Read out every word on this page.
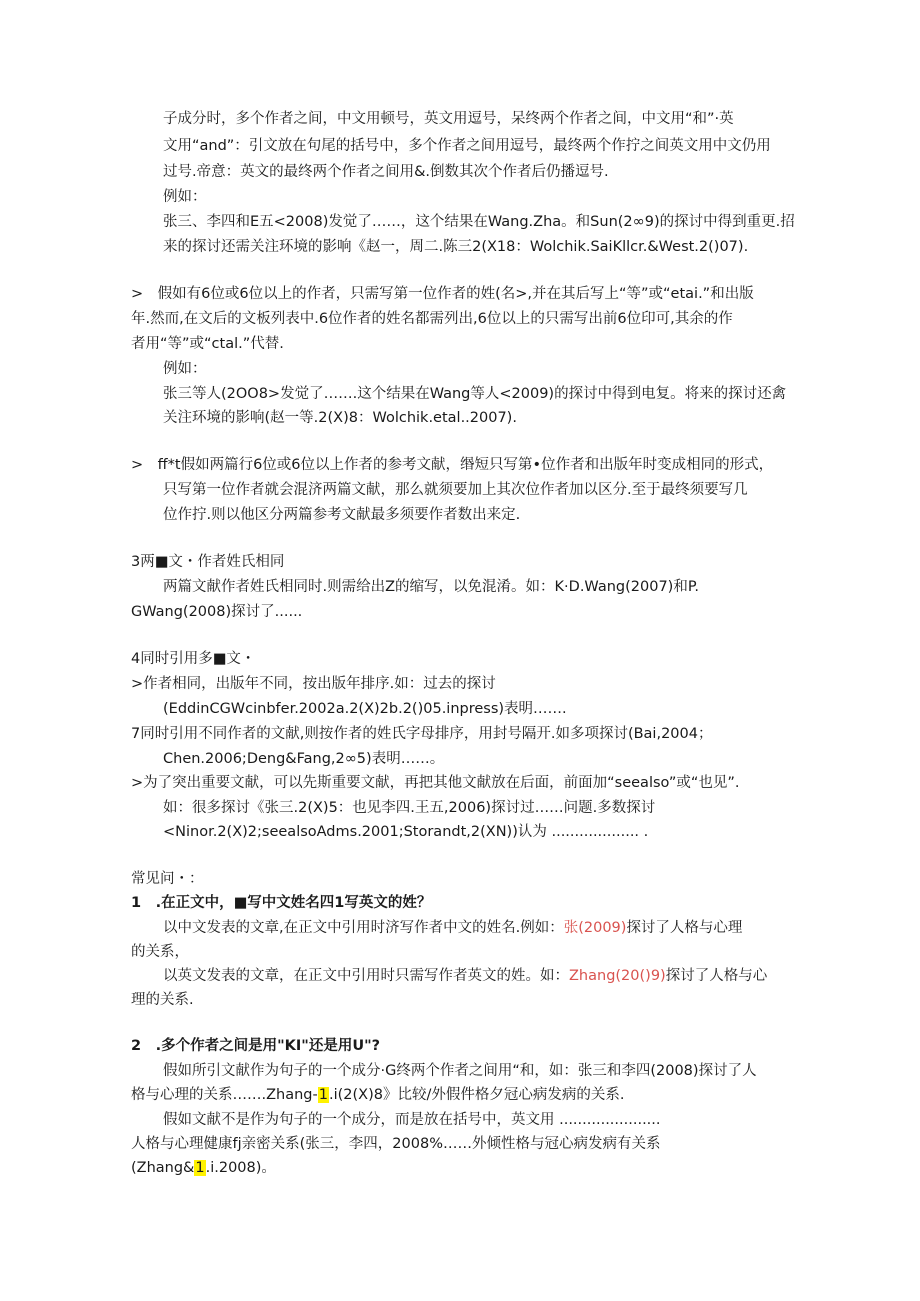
子成分时，多个作者之间，中文用顿号，英文用逗号，呆终两个作者之间，中文用“和”·英
文用“and”：引文放在句尾的括号中，多个作者之间用逗号，最终两个作拧之间英文用中文仍用
过号.帝意：英文的最终两个作者之间用&.倒数其次个作者后仍播逗号.
例如：
张三、李四和E五<2008)发觉了……，这个结果在Wang.Zha。和Sun(2∞9)的探讨中得到重更.招
来的探讨还需关注环境的影响《赵一，周二.陈三2(X18：Wolchik.SaiKllcr.&West.2()07).
>　假如有6位或6位以上的作者，只需写第一位作者的姓(名>,并在其后写上“等”或“etai.”和出版
年.然而,在文后的文板列表中.6位作者的姓名都需列出,6位以上的只需写出前6位印可,其余的作
者用“等”或“ctal.”代替.
例如：
张三等人(2OO8>发觉了…….这个结果在Wang等人<2009)的探讨中得到电复。将来的探讨还禽
关注环境的影响(赵一等.2(X)8：Wolchik.etal..2007).
>　ff*t假如两篇行6位或6位以上作者的参考文献，缗短只写第•位作者和出版年时变成相同的形式，
只写第一位作者就会混济两篇文献，那么就须要加上其次位作者加以区分.至于最终须要写几
位作拧.则以他区分两篇参考文献最多须要作者数出来定.
3两■文・作者姓氏相同
两篇文献作者姓氏相同时.则需给出Z的缩写，以免混淆。如：K·D.Wang(2007)和P.
GWang(2008)探讨了......
4同时引用多■文・
>作者相同，出版年不同，按出版年排序.如：过去的探讨
(EddinCGWcinbfer.2002a.2(X)2b.2()05.inpress)表明…….
7同时引用不同作者的文献,则按作者的姓氏字母排序，用封号隔开.如多项探讨(Bai,2004；
Chen.2006;Deng&Fang,2∞5)表明……。
>为了突出重要文献，可以先斯重要文献，再把其他文献放在后面，前面加“seealso”或“也见”.
如：很多探讨《张三.2(X)5：也见李四.王五,2006)探讨过……问题.多数探讨
<Ninor.2(X)2;seealsoAdms.2001;Storandt,2(XN))认为 ................... .
常见问・：
1　.在正文中，■写中文姓名四1写英文的姓？
以中文发表的文章,在正文中引用时济写作者中文的姓名.例如：张(2009)探讨了人格与心理
的关系，
以英文发表的文章，在正文中引用时只需写作者英文的姓。如：Zhang(20()9)探讨了人格与心
理的关系.
2　.多个作者之间是用"KI"还是用U"?
假如所引文献作为句子的一个成分·G终两个作者之间用“和，如：张三和李四(2008)探讨了人
格与心理的关系…….Zhang-1.i(2(X)8》比较/外假件格夕冠心病发病的关系.
假如文献不是作为句子的一个成分，而是放在括号中，英文用 ......................
人格与心理健康fj亲密关系(张三，李四，2008%……外倾性格与冠心病发病有关系
(Zhang&1.i.2008)。
